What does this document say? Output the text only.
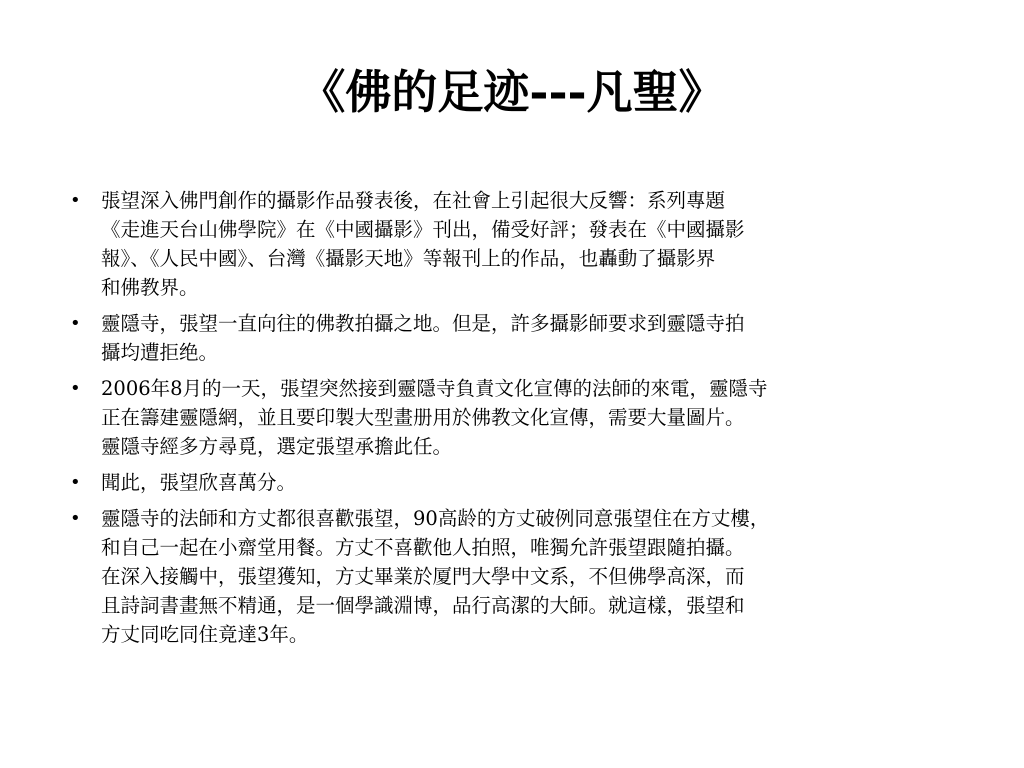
《佛的足迹---凡聖》
•	張望深入佛門創作的攝影作品發表後，在社會上引起很大反響：系列專題
《走進天台山佛學院》在《中國攝影》刊出，備受好評；發表在《中國攝影
報》、《人民中國》、台灣《攝影天地》等報刊上的作品，也轟動了攝影界
和佛教界。
•	靈隱寺，張望一直向往的佛教拍攝之地。但是，許多攝影師要求到靈隱寺拍
攝均遭拒绝。
•	2006年8月的一天，張望突然接到靈隱寺負責文化宣傳的法師的來電，靈隱寺
正在籌建靈隱網，並且要印製大型畫册用於佛教文化宣傳，需要大量圖片。
靈隱寺經多方尋覓，選定張望承擔此任。
•	聞此，張望欣喜萬分。
•	靈隱寺的法師和方丈都很喜歡張望，90高龄的方丈破例同意張望住在方丈樓，
和自己一起在小齋堂用餐。方丈不喜歡他人拍照，唯獨允許張望跟隨拍攝。
在深入接觸中，張望獲知，方丈畢業於厦門大學中文系，不但佛學高深，而
且詩詞書畫無不精通，是一個學識淵博，品行高潔的大師。就這樣，張望和
方丈同吃同住竟達3年。
